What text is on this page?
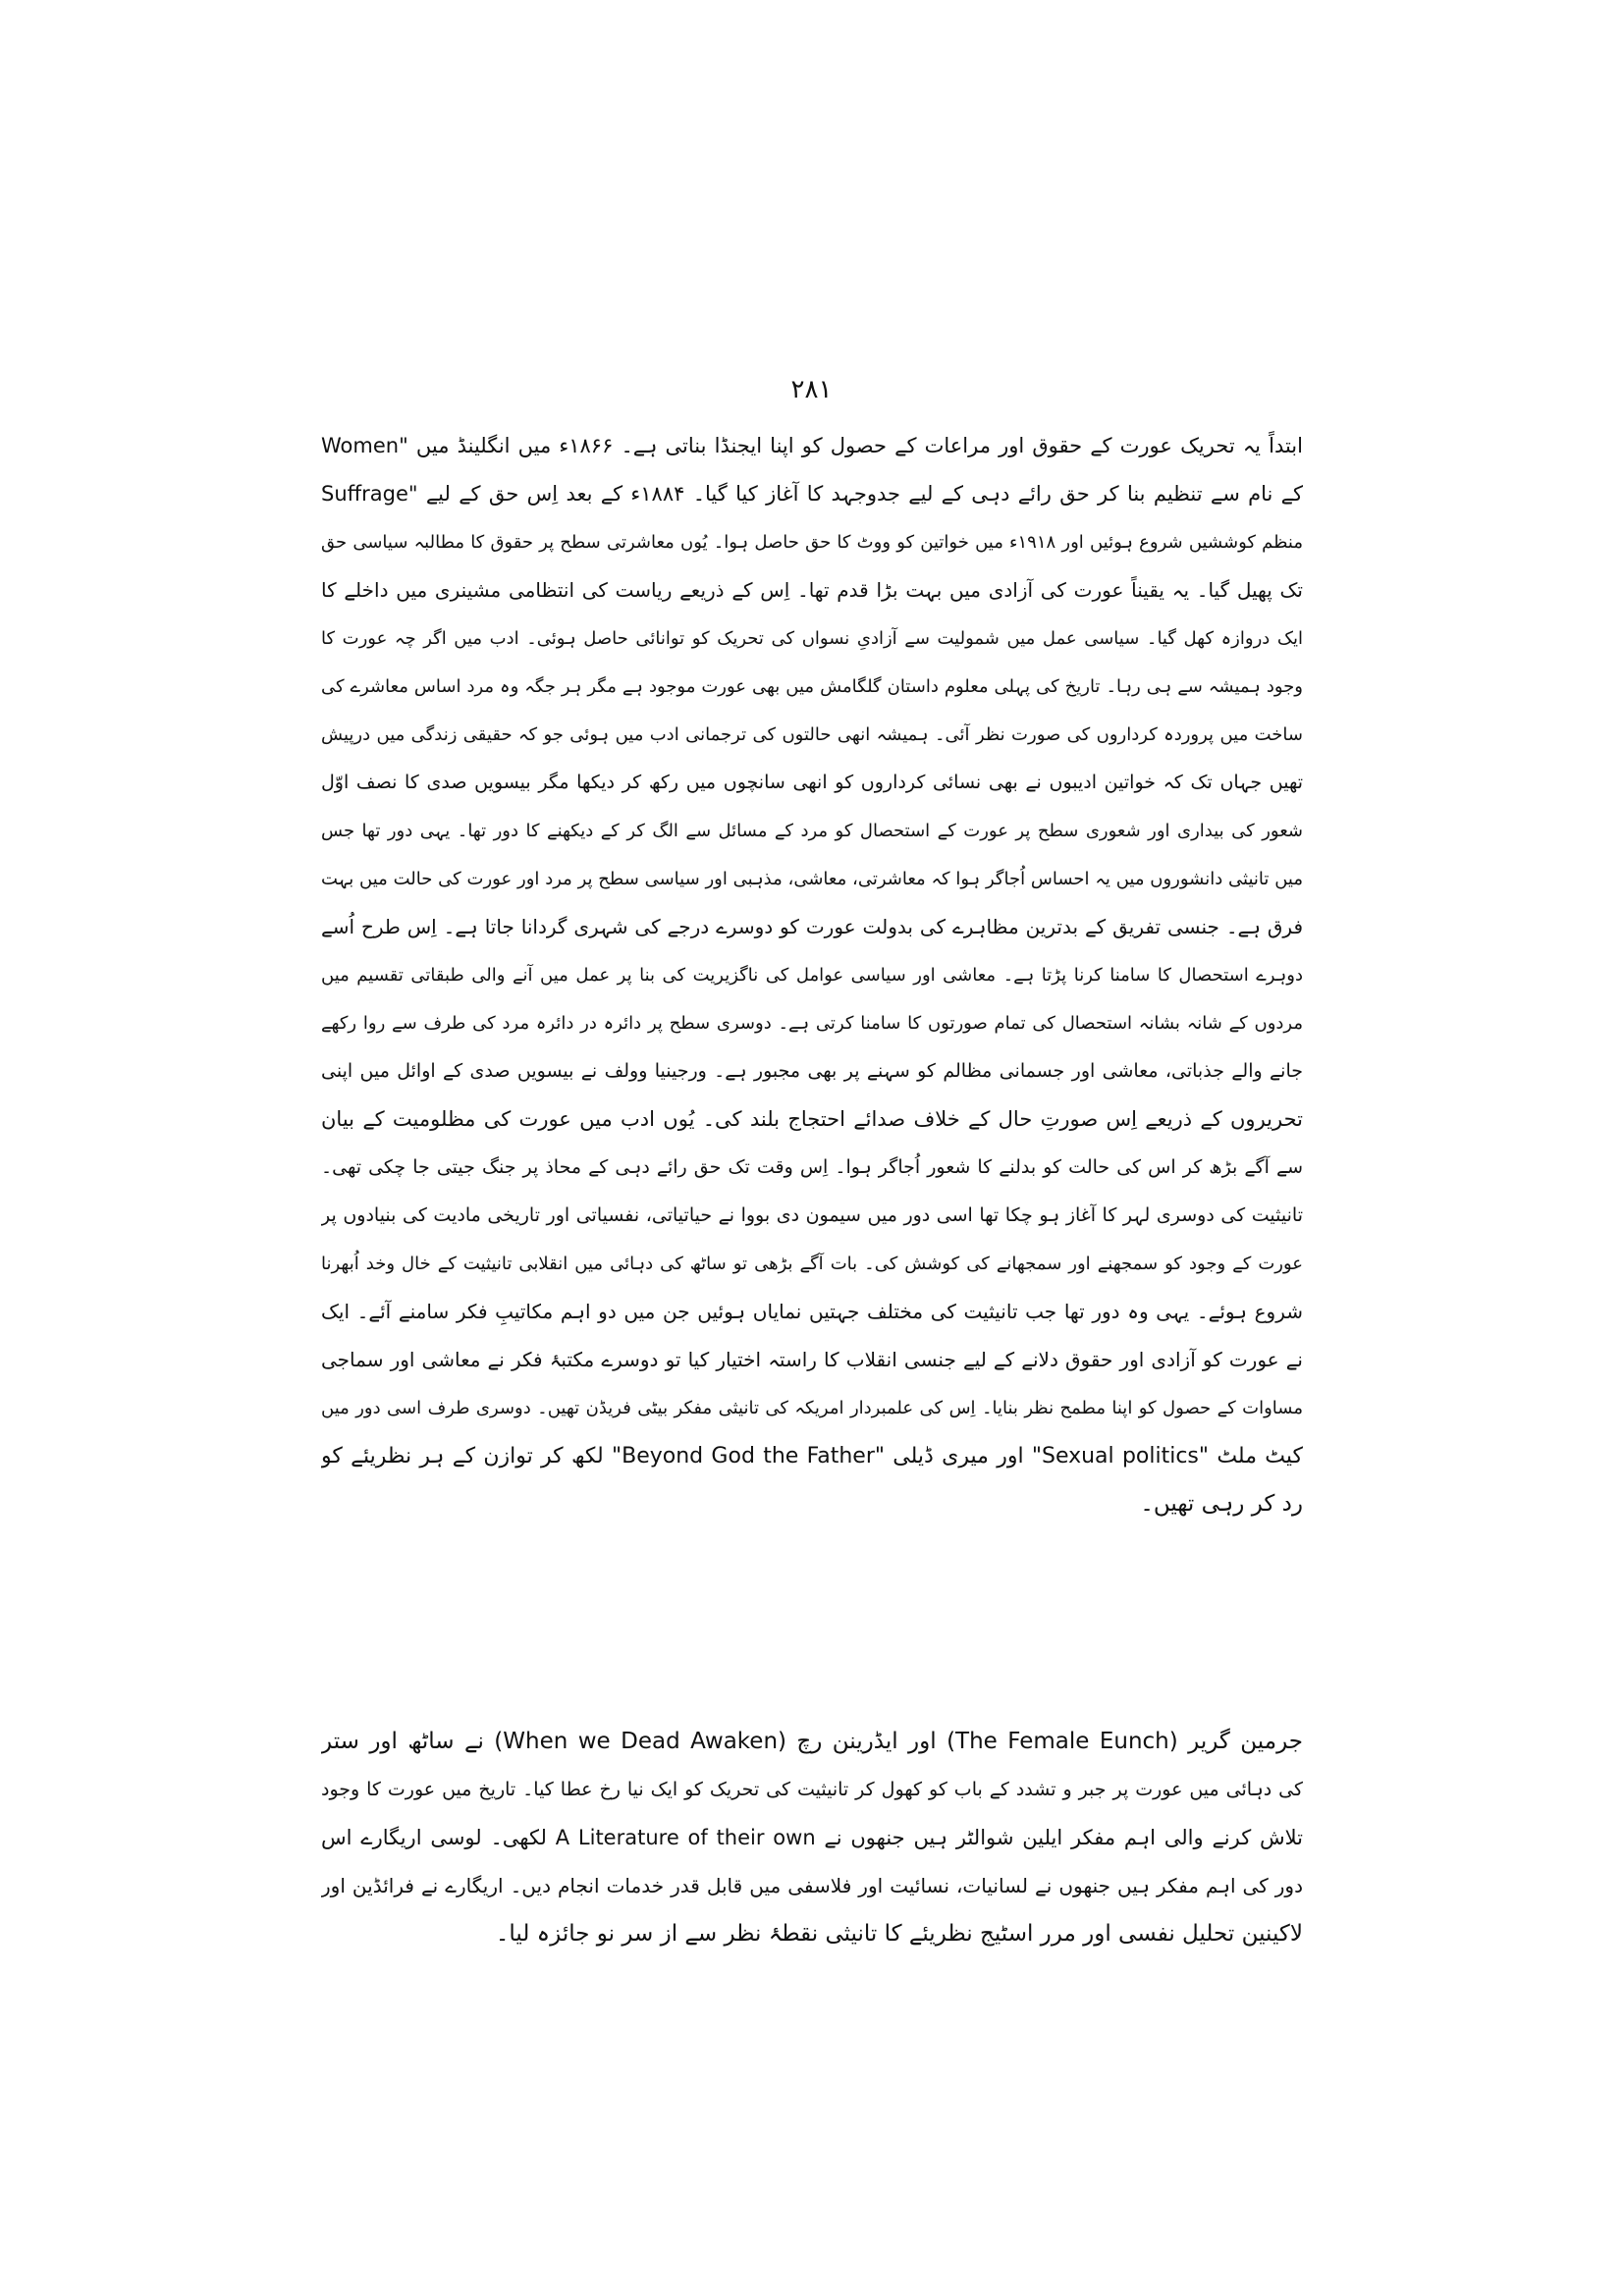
۲۸۱
ابتداً یہ تحریک عورت کے حقوق اور مراعات کے حصول کو اپنا ایجنڈا بناتی ہے۔ ۱۸۶۶ء میں انگلینڈ میں "Women
Suffrage" کے نام سے تنظیم بنا کر حق رائے دہی کے لیے جدوجہد کا آغاز کیا گیا۔ ۱۸۸۴ء کے بعد اِس حق کے لیے
منظم کوششیں شروع ہوئیں اور ۱۹۱۸ء میں خواتین کو ووٹ کا حق حاصل ہوا۔ یُوں معاشرتی سطح پر حقوق کا مطالبہ سیاسی حق
تک پھیل گیا۔ یہ یقیناً عورت کی آزادی میں بہت بڑا قدم تھا۔ اِس کے ذریعے ریاست کی انتظامی مشینری میں داخلے کا
ایک دروازہ کھل گیا۔ سیاسی عمل میں شمولیت سے آزادیِ نسواں کی تحریک کو توانائی حاصل ہوئی۔ ادب میں اگر چہ عورت کا
وجود ہمیشہ سے ہی رہا۔ تاریخ کی پہلی معلوم داستان گلگامش میں بھی عورت موجود ہے مگر ہر جگہ وہ مرد اساس معاشرے کی
ساخت میں پروردہ کرداروں کی صورت نظر آئی۔ ہمیشہ انھی حالتوں کی ترجمانی ادب میں ہوئی جو کہ حقیقی زندگی میں درپیش
تھیں جہاں تک کہ خواتین ادیبوں نے بھی نسائی کرداروں کو انھی سانچوں میں رکھ کر دیکھا مگر بیسویں صدی کا نصف اوّل
شعور کی بیداری اور شعوری سطح پر عورت کے استحصال کو مرد کے مسائل سے الگ کر کے دیکھنے کا دور تھا۔ یہی دور تھا جس
میں تانیثی دانشوروں میں یہ احساس اُجاگر ہوا کہ معاشرتی، معاشی، مذہبی اور سیاسی سطح پر مرد اور عورت کی حالت میں بہت
فرق ہے۔ جنسی تفریق کے بدترین مظاہرے کی بدولت عورت کو دوسرے درجے کی شہری گردانا جاتا ہے۔ اِس طرح اُسے
دوہرے استحصال کا سامنا کرنا پڑتا ہے۔ معاشی اور سیاسی عوامل کی ناگزیریت کی بنا پر عمل میں آنے والی طبقاتی تقسیم میں
مردوں کے شانہ بشانہ استحصال کی تمام صورتوں کا سامنا کرتی ہے۔ دوسری سطح پر دائرہ در دائرہ مرد کی طرف سے روا رکھے
جانے والے جذباتی، معاشی اور جسمانی مظالم کو سہنے پر بھی مجبور ہے۔ ورجینیا وولف نے بیسویں صدی کے اوائل میں اپنی
تحریروں کے ذریعے اِس صورتِ حال کے خلاف صدائے احتجاج بلند کی۔ یُوں ادب میں عورت کی مظلومیت کے بیان
سے آگے بڑھ کر اس کی حالت کو بدلنے کا شعور اُجاگر ہوا۔ اِس وقت تک حق رائے دہی کے محاذ پر جنگ جیتی جا چکی تھی۔
تانیثیت کی دوسری لہر کا آغاز ہو چکا تھا اسی دور میں سیمون دی بووا نے حیاتیاتی، نفسیاتی اور تاریخی مادیت کی بنیادوں پر
عورت کے وجود کو سمجھنے اور سمجھانے کی کوشش کی۔ بات آگے بڑھی تو ساٹھ کی دہائی میں انقلابی تانیثیت کے خال وخد اُبھرنا
شروع ہوئے۔ یہی وہ دور تھا جب تانیثیت کی مختلف جہتیں نمایاں ہوئیں جن میں دو اہم مکاتیبِ فکر سامنے آئے۔ ایک
نے عورت کو آزادی اور حقوق دلانے کے لیے جنسی انقلاب کا راستہ اختیار کیا تو دوسرے مکتبۂ فکر نے معاشی اور سماجی
مساوات کے حصول کو اپنا مطمح نظر بنایا۔ اِس کی علمبردار امریکہ کی تانیثی مفکر بیٹی فریڈن تھیں۔ دوسری طرف اسی دور میں
کیٹ ملٹ "Sexual politics" اور میری ڈیلی "Beyond God the Father" لکھ کر توازن کے ہر نظریئے کو
رد کر رہی تھیں۔
جرمین گریر (The Female Eunch) اور ایڈرینن رچ (When we Dead Awaken) نے ساٹھ اور ستر
کی دہائی میں عورت پر جبر و تشدد کے باب کو کھول کر تانیثیت کی تحریک کو ایک نیا رخ عطا کیا۔ تاریخ میں عورت کا وجود
تلاش کرنے والی اہم مفکر ایلین شوالٹر ہیں جنھوں نے A Literature of their own لکھی۔ لوسی اریگارے اس
دور کی اہم مفکر ہیں جنھوں نے لسانیات، نسائیت اور فلاسفی میں قابل قدر خدمات انجام دیں۔ اریگارے نے فرائڈین اور
لاکینین تحلیل نفسی اور مرر اسٹیج نظریئے کا تانیثی نقطۂ نظر سے از سر نو جائزہ لیا۔
